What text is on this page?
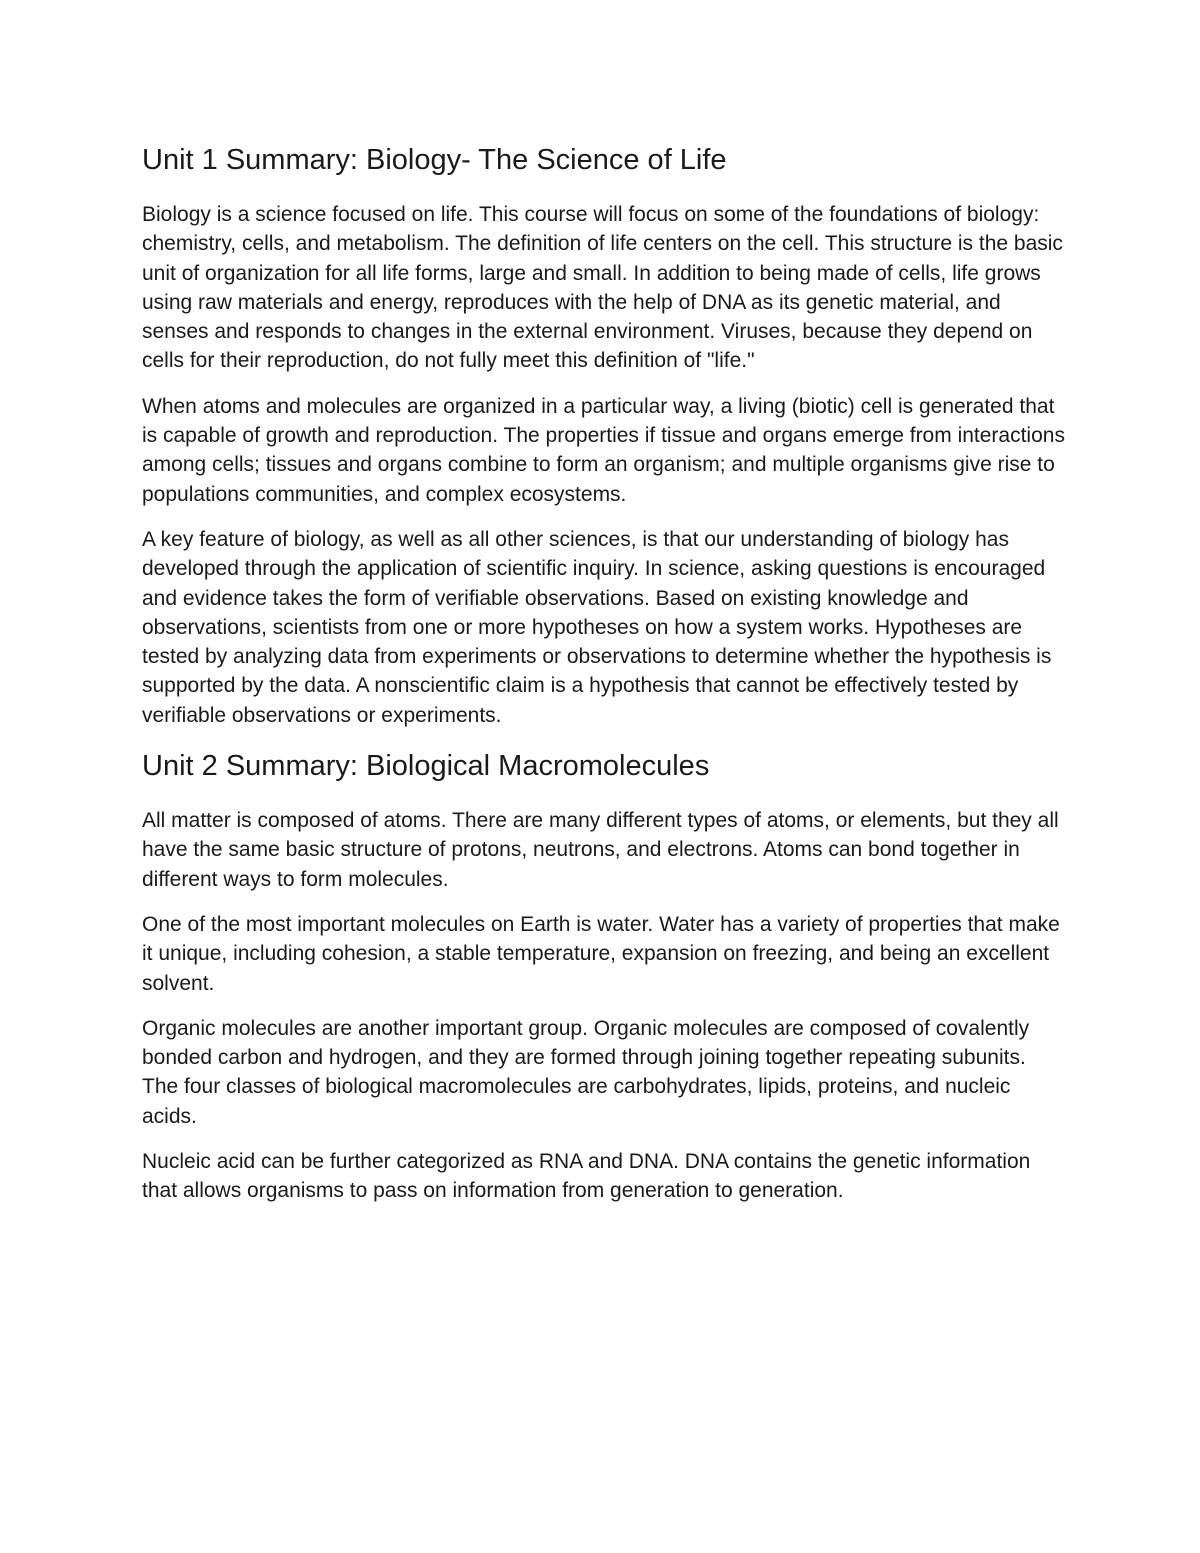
Unit 1 Summary: Biology- The Science of Life

Biology is a science focused on life. This course will focus on some of the foundations of biology: chemistry, cells, and metabolism. The definition of life centers on the cell. This structure is the basic unit of organization for all life forms, large and small. In addition to being made of cells, life grows using raw materials and energy, reproduces with the help of DNA as its genetic material, and senses and responds to changes in the external environment. Viruses, because they depend on cells for their reproduction, do not fully meet this definition of "life."

When atoms and molecules are organized in a particular way, a living (biotic) cell is generated that is capable of growth and reproduction. The properties if tissue and organs emerge from interactions among cells; tissues and organs combine to form an organism; and multiple organisms give rise to populations communities, and complex ecosystems.

A key feature of biology, as well as all other sciences, is that our understanding of biology has developed through the application of scientific inquiry. In science, asking questions is encouraged and evidence takes the form of verifiable observations. Based on existing knowledge and observations, scientists from one or more hypotheses on how a system works. Hypotheses are tested by analyzing data from experiments or observations to determine whether the hypothesis is supported by the data. A nonscientific claim is a hypothesis that cannot be effectively tested by verifiable observations or experiments.

Unit 2 Summary: Biological Macromolecules

All matter is composed of atoms. There are many different types of atoms, or elements, but they all have the same basic structure of protons, neutrons, and electrons. Atoms can bond together in different ways to form molecules.

One of the most important molecules on Earth is water. Water has a variety of properties that make it unique, including cohesion, a stable temperature, expansion on freezing, and being an excellent solvent.

Organic molecules are another important group. Organic molecules are composed of covalently bonded carbon and hydrogen, and they are formed through joining together repeating subunits. The four classes of biological macromolecules are carbohydrates, lipids, proteins, and nucleic acids.

Nucleic acid can be further categorized as RNA and DNA. DNA contains the genetic information that allows organisms to pass on information from generation to generation.
